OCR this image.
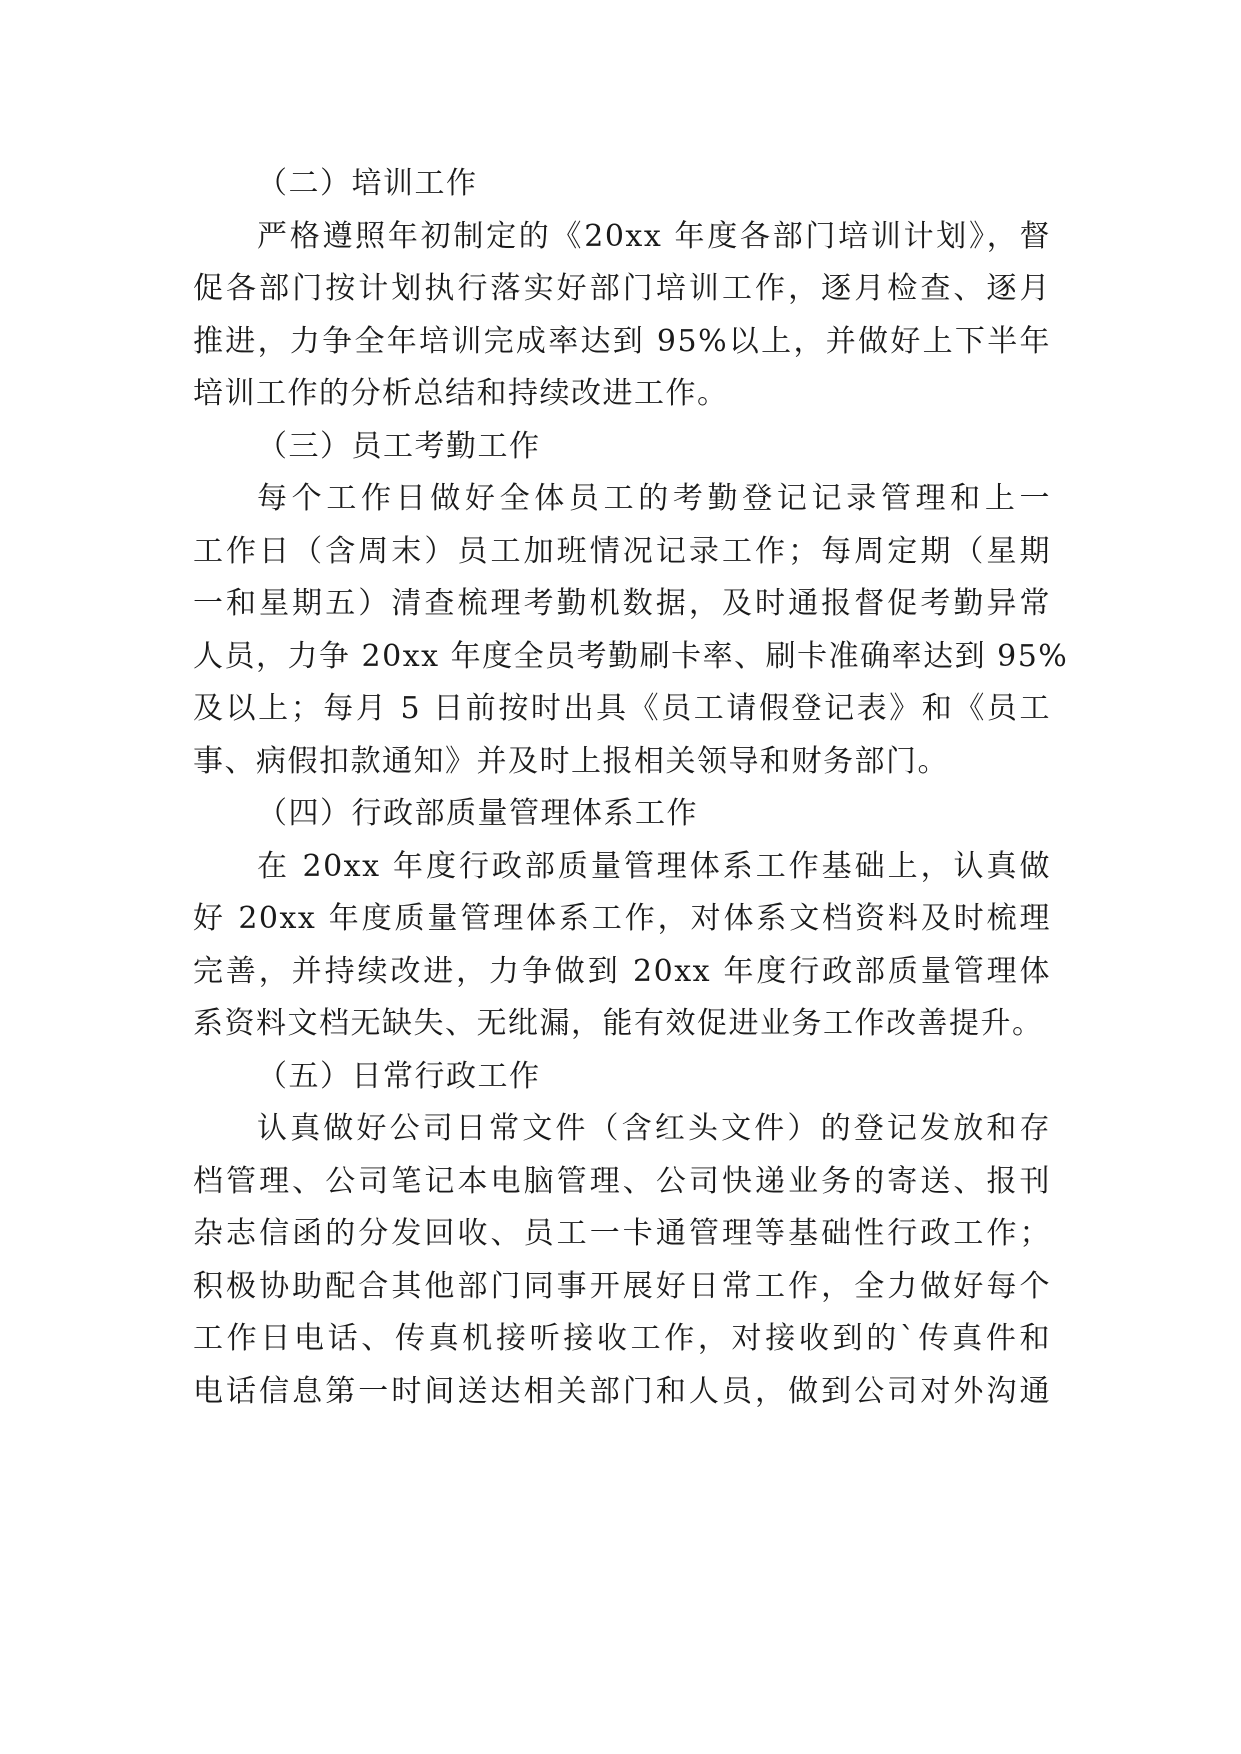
（二）培训工作

严格遵照年初制定的《20xx 年度各部门培训计划》，督
促各部门按计划执行落实好部门培训工作，逐月检查、逐月
推进，力争全年培训完成率达到 95%以上，并做好上下半年
培训工作的分析总结和持续改进工作。

（三）员工考勤工作

每个工作日做好全体员工的考勤登记记录管理和上一
工作日（含周末）员工加班情况记录工作；每周定期（星期
一和星期五）清查梳理考勤机数据，及时通报督促考勤异常
人员，力争 20xx 年度全员考勤刷卡率、刷卡准确率达到 95%
及以上；每月 5 日前按时出具《员工请假登记表》和《员工
事、病假扣款通知》并及时上报相关领导和财务部门。

（四）行政部质量管理体系工作

在 20xx 年度行政部质量管理体系工作基础上，认真做
好 20xx 年度质量管理体系工作，对体系文档资料及时梳理
完善，并持续改进，力争做到 20xx 年度行政部质量管理体
系资料文档无缺失、无纰漏，能有效促进业务工作改善提升。

（五）日常行政工作

认真做好公司日常文件（含红头文件）的登记发放和存
档管理、公司笔记本电脑管理、公司快递业务的寄送、报刊
杂志信函的分发回收、员工一卡通管理等基础性行政工作；
积极协助配合其他部门同事开展好日常工作，全力做好每个
工作日电话、传真机接听接收工作，对接收到的`传真件和
电话信息第一时间送达相关部门和人员，做到公司对外沟通
